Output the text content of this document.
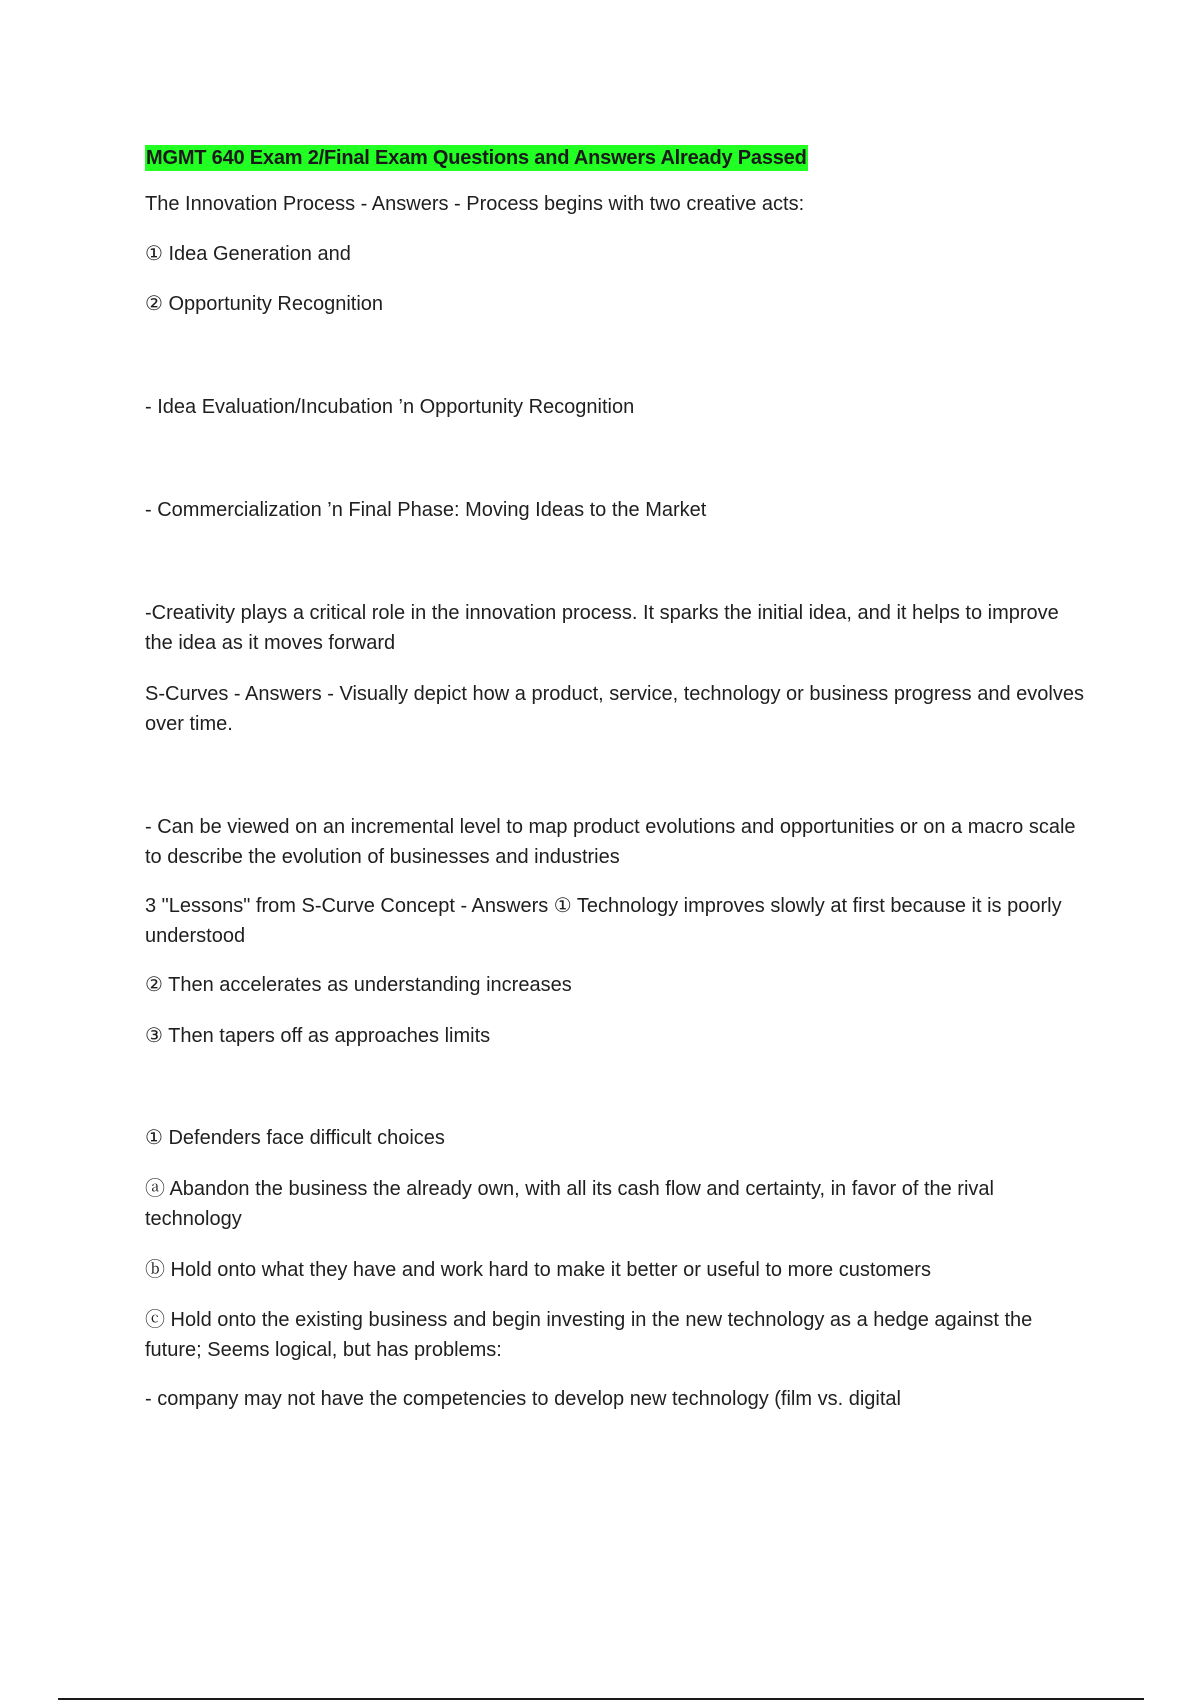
MGMT 640 Exam 2/Final Exam Questions and Answers Already Passed

The Innovation Process - Answers - Process begins with two creative acts:

① Idea Generation and

② Opportunity Recognition

- Idea Evaluation/Incubation ’n Opportunity Recognition

- Commercialization ’n Final Phase: Moving Ideas to the Market

-Creativity plays a critical role in the innovation process. It sparks the initial idea, and it helps to improve the idea as it moves forward

S-Curves - Answers - Visually depict how a product, service, technology or business progress and evolves over time.

- Can be viewed on an incremental level to map product evolutions and opportunities or on a macro scale to describe the evolution of businesses and industries

3 "Lessons" from S-Curve Concept - Answers ① Technology improves slowly at first because it is poorly understood

② Then accelerates as understanding increases

③ Then tapers off as approaches limits

① Defenders face difficult choices

ⓐ Abandon the business the already own, with all its cash flow and certainty, in favor of the rival technology

ⓑ Hold onto what they have and work hard to make it better or useful to more customers

ⓒ Hold onto the existing business and begin investing in the new technology as a hedge against the future; Seems logical, but has problems:

- company may not have the competencies to develop new technology (film vs. digital
